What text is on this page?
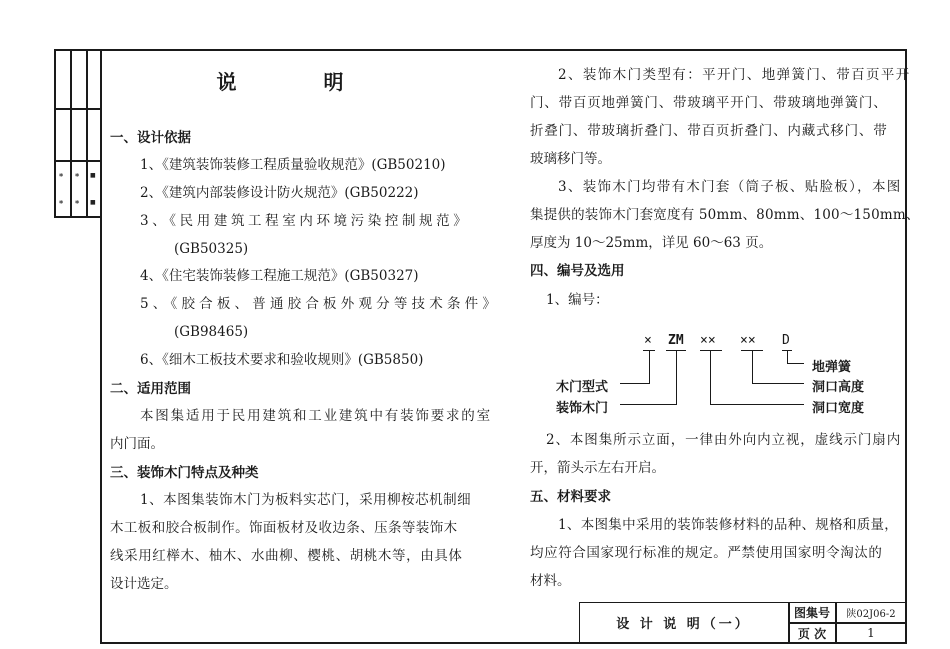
* * ■
* * ■
说 明
一、设计依据
1、《建筑装饰装修工程质量验收规范》(GB50210)
2、《建筑内部装修设计防火规范》(GB50222)
3、《民用建筑工程室内环境污染控制规范》
(GB50325)
4、《住宅装饰装修工程施工规范》(GB50327)
5、《胶合板、普通胶合板外观分等技术条件》
(GB98465)
6、《细木工板技术要求和验收规则》(GB5850)
二、适用范围
本图集适用于民用建筑和工业建筑中有装饰要求的室
内门面。
三、装饰木门特点及种类
1、本图集装饰木门为板料实芯门，采用柳桉芯机制细
木工板和胶合板制作。饰面板材及收边条、压条等装饰木
线采用红榉木、柚木、水曲柳、樱桃、胡桃木等，由具体
设计选定。
2、装饰木门类型有：平开门、地弹簧门、带百页平开
门、带百页地弹簧门、带玻璃平开门、带玻璃地弹簧门、
折叠门、带玻璃折叠门、带百页折叠门、内藏式移门、带
玻璃移门等。
3、装饰木门均带有木门套（筒子板、贴脸板），本图
集提供的装饰木门套宽度有 50mm、80mm、100～150mm、
厚度为 10～25mm，详见 60～63 页。
四、编号及选用
1、编号：
× ZM ×× ×× D
木门型式
装饰木门
地弹簧
洞口高度
洞口宽度
2、本图集所示立面，一律由外向内立视，虚线示门扇内
开，箭头示左右开启。
五、材料要求
1、本图集中采用的装饰装修材料的品种、规格和质量，
均应符合国家现行标准的规定。严禁使用国家明令淘汰的
材料。
设 计 说 明（一）
图集号	陕02J06-2
页 次	1
